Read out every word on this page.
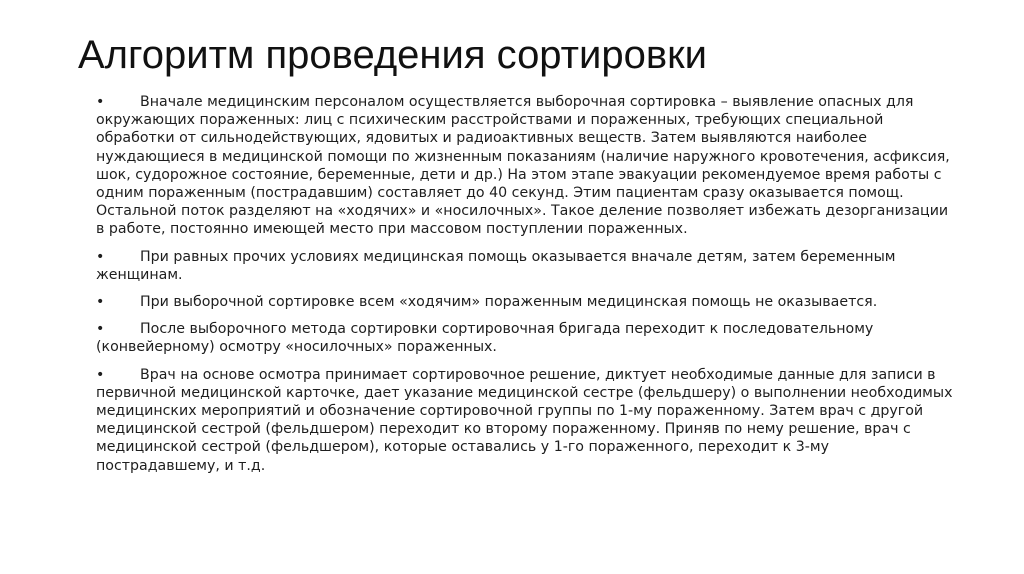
Алгоритм проведения сортировки
•	Вначале медицинским персоналом осуществляется выборочная сортировка – выявление опасных для окружающих пораженных: лиц с психическим расстройствами и пораженных, требующих специальной обработки от сильнодействующих, ядовитых и радиоактивных веществ. Затем выявляются наиболее нуждающиеся в медицинской помощи по жизненным показаниям (наличие наружного кровотечения, асфиксия, шок, судорожное состояние, беременные, дети и др.) На этом этапе эвакуации рекомендуемое время работы с одним пораженным (пострадавшим) составляет до 40 секунд. Этим пациентам сразу оказывается помощ. Остальной поток разделяют на «ходячих» и «носилочных». Такое деление позволяет избежать дезорганизации в работе, постоянно имеющей место при массовом поступлении пораженных.
•	При равных прочих условиях медицинская помощь оказывается вначале детям, затем беременным женщинам.
•	При выборочной сортировке всем «ходячим» пораженным медицинская помощь не оказывается.
•	После выборочного метода сортировки сортировочная бригада переходит к последовательному (конвейерному) осмотру «носилочных» пораженных.
•	Врач на основе осмотра принимает сортировочное решение, диктует необходимые данные для записи в первичной медицинской карточке, дает указание медицинской сестре (фельдшеру) о выполнении необходимых медицинских мероприятий и обозначение сортировочной группы по 1-му пораженному. Затем врач с другой медицинской сестрой (фельдшером) переходит ко второму пораженному. Приняв по нему решение, врач с медицинской сестрой (фельдшером), которые оставались у 1-го пораженного, переходит к 3-му пострадавшему, и т.д.
